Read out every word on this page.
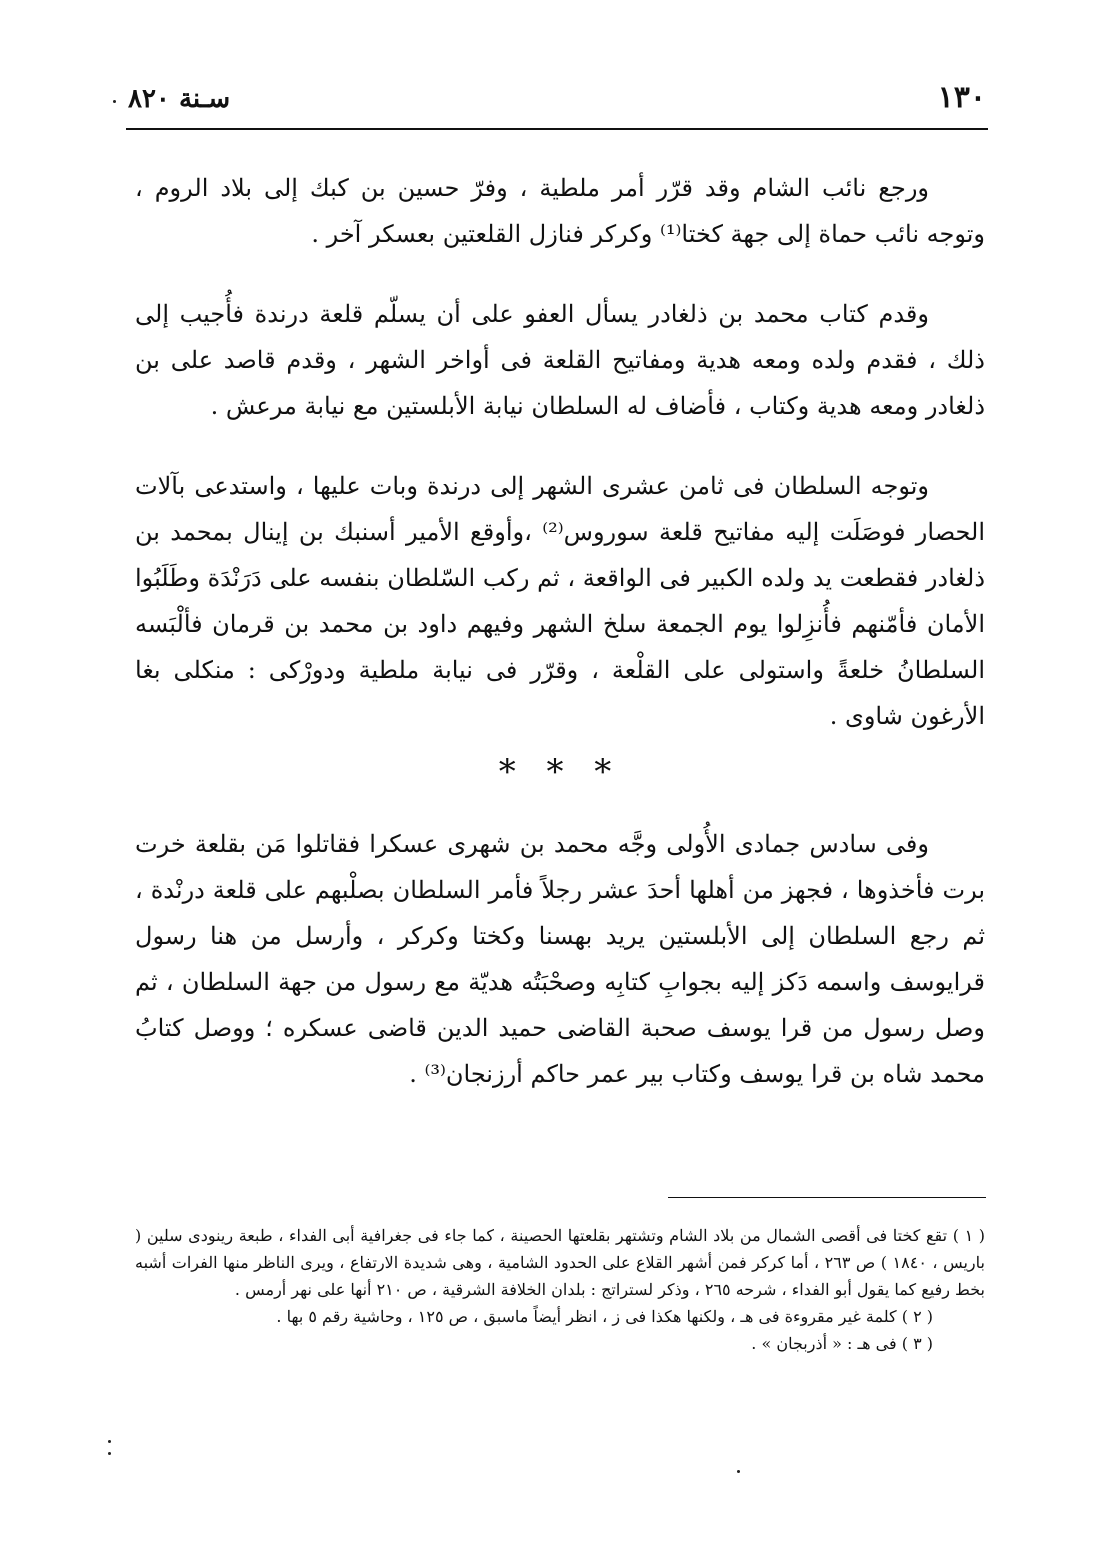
١٣٠
سـنة ٨٢٠

ورجع نائب الشام وقد قرّر أمر ملطية ، وفرّ حسين بن كبك إلى بلاد الروم ، وتوجه نائب حماة إلى جهة كختا⁽¹⁾ وكركر فنازل القلعتين بعسكر آخر .

وقدم كتاب محمد بن ذلغادر يسأل العفو على أن يسلّم قلعة درندة فأُجيب إلى ذلك ، فقدم ولده ومعه هدية ومفاتيح القلعة فى أواخر الشهر ، وقدم قاصد على بن ذلغادر ومعه هدية وكتاب ، فأضاف له السلطان نيابة الأبلستين مع نيابة مرعش .

وتوجه السلطان فى ثامن عشرى الشهر إلى درندة وبات عليها ، واستدعى بآلات الحصار فوصَلَت إليه مفاتيح قلعة سوروس⁽²⁾ ،وأوقع الأمير أسنبك بن إينال بمحمد بن ذلغادر فقطعت يد ولده الكبير فى الواقعة ، ثم ركب السّلطان بنفسه على دَرَنْدَة وطَلَبُوا الأمان فأمّنهم فأُنزِلوا يوم الجمعة سلخ الشهر وفيهم داود بن محمد بن قرمان فألْبَسه السلطانُ خلعةً واستولى على القلْعة ، وقرّر فى نيابة ملطية ودورْكى : منكلى بغا الأرغون شاوى .

* * *

وفى سادس جمادى الأُولى وجَّه محمد بن شهرى عسكرا فقاتلوا مَن بقلعة خرت برت فأخذوها ، فجهز من أهلها أحدَ عشر رجلاً فأمر السلطان بصلْبهم على قلعة درنْدة ، ثم رجع السلطان إلى الأبلستين يريد بهسنا وكختا وكركر ، وأرسل من هنا رسول قرايوسف واسمه دَكز إليه بجوابِ كتابِه وصحْبَتُه هديّة مع رسول من جهة السلطان ، ثم وصل رسول من قرا يوسف صحبة القاضى حميد الدين قاضى عسكره ؛ ووصل كتابُ محمد شاه بن قرا يوسف وكتاب بير عمر حاكم أرزنجان⁽³⁾ .

( ١ ) تقع كختا فى أقصى الشمال من بلاد الشام وتشتهر بقلعتها الحصينة ، كما جاء فى جغرافية أبى الفداء ، طبعة رينودى سلين ( باريس ، ١٨٤٠ ) ص ٢٦٣ ، أما كركر فمن أشهر القلاع على الحدود الشامية ، وهى شديدة الارتفاع ، ويرى الناظر منها الفرات أشبه بخط رفيع كما يقول أبو الفداء ، شرحه ٢٦٥ ، وذكر لستراتج : بلدان الخلافة الشرقية ، ص ٢١٠ أنها على نهر أرمس .

( ٢ ) كلمة غير مقروءة فى هـ ، ولكنها هكذا فى ز ، انظر أيضاً ماسبق ، ص ١٢٥ ، وحاشية رقم ٥ بها .

( ٣ ) فى هـ : « أذربجان » .
